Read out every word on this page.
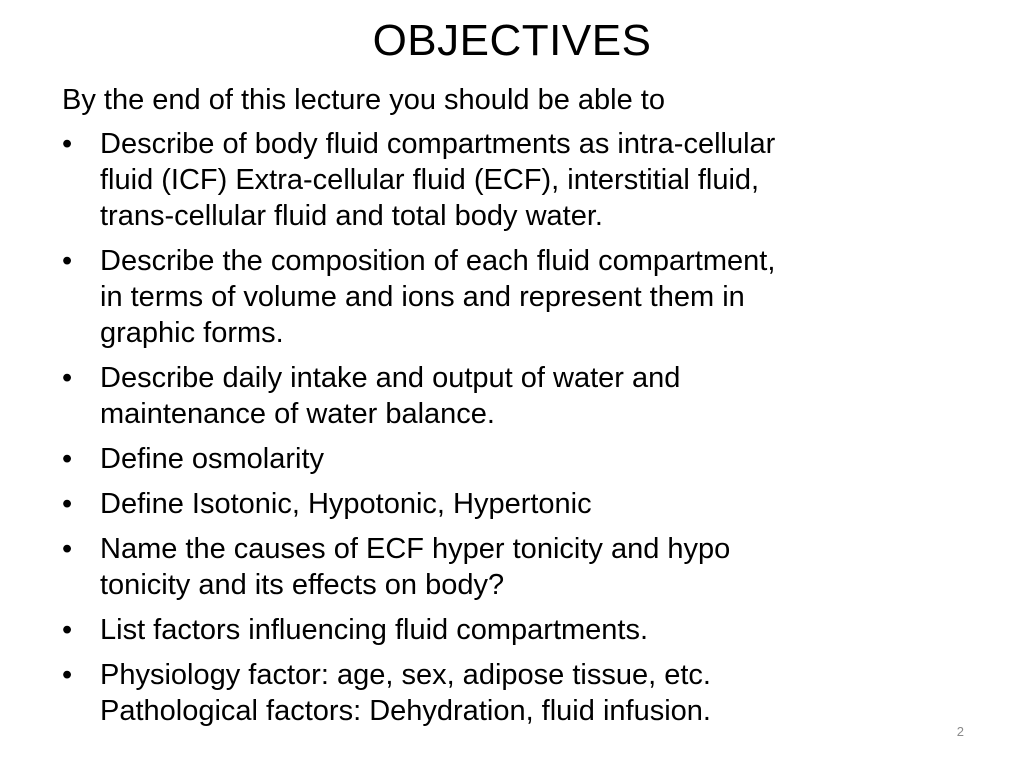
OBJECTIVES

By the end of this lecture you should be able to

• Describe of body fluid compartments as intra-cellular
fluid (ICF) Extra-cellular fluid (ECF), interstitial fluid,
trans-cellular fluid and total body water.
• Describe the composition of each fluid compartment,
in terms of volume and ions and represent them in
graphic forms.
• Describe daily intake and output of water and
maintenance of water balance.
• Define osmolarity
• Define Isotonic, Hypotonic, Hypertonic
• Name the causes of ECF hyper tonicity and hypo
tonicity and its effects on body?
• List factors influencing fluid compartments.
• Physiology factor: age, sex, adipose tissue, etc.
Pathological factors: Dehydration, fluid infusion.
2
